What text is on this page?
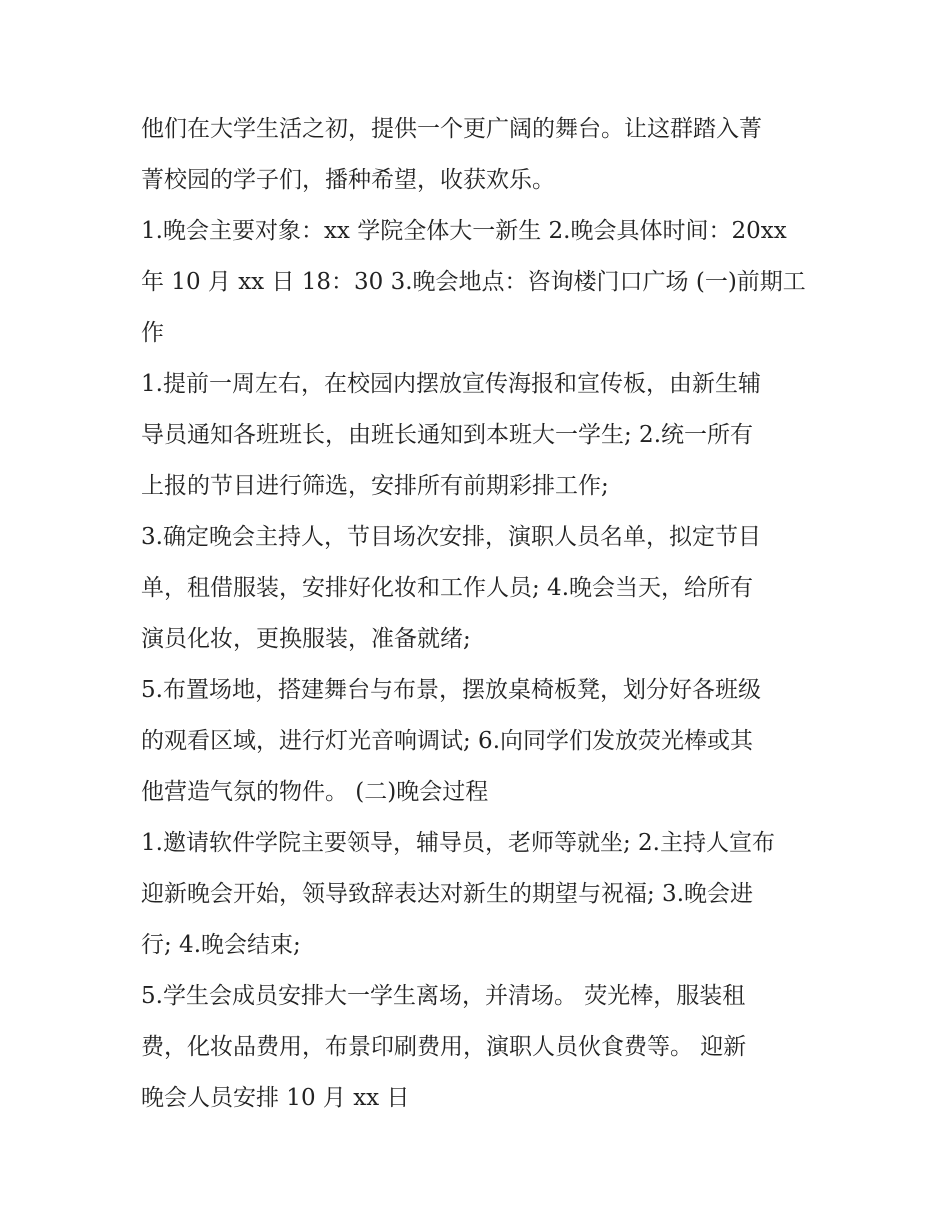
他们在大学生活之初，提供一个更广阔的舞台。让这群踏入菁
菁校园的学子们，播种希望，收获欢乐。
1.晚会主要对象：xx 学院全体大一新生 2.晚会具体时间：20xx
年 10 月 xx 日 18：30 3.晚会地点：咨询楼门口广场 (一)前期工
作
1.提前一周左右，在校园内摆放宣传海报和宣传板，由新生辅
导员通知各班班长，由班长通知到本班大一学生; 2.统一所有
上报的节目进行筛选，安排所有前期彩排工作;
3.确定晚会主持人，节目场次安排，演职人员名单，拟定节目
单，租借服装，安排好化妆和工作人员; 4.晚会当天，给所有
演员化妆，更换服装，准备就绪;
5.布置场地，搭建舞台与布景，摆放桌椅板凳，划分好各班级
的观看区域，进行灯光音响调试; 6.向同学们发放荧光棒或其
他营造气氛的物件。 (二)晚会过程
1.邀请软件学院主要领导，辅导员，老师等就坐; 2.主持人宣布
迎新晚会开始，领导致辞表达对新生的期望与祝福; 3.晚会进
行; 4.晚会结束;
5.学生会成员安排大一学生离场，并清场。 荧光棒，服装租
费，化妆品费用，布景印刷费用，演职人员伙食费等。 迎新
晚会人员安排 10 月 xx 日
